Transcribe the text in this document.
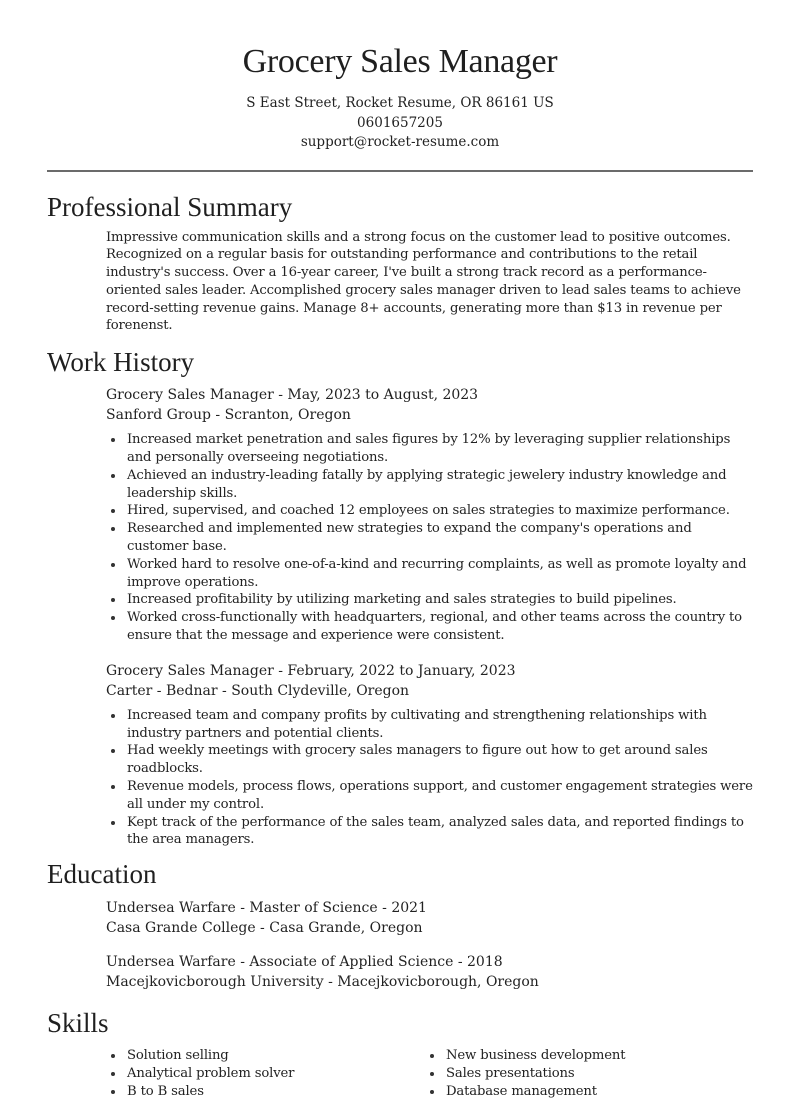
Grocery Sales Manager
S East Street, Rocket Resume, OR 86161 US
0601657205
support@rocket-resume.com
Professional Summary
Impressive communication skills and a strong focus on the customer lead to positive outcomes. Recognized on a regular basis for outstanding performance and contributions to the retail industry's success. Over a 16-year career, I've built a strong track record as a performance-oriented sales leader. Accomplished grocery sales manager driven to lead sales teams to achieve record-setting revenue gains. Manage 8+ accounts, generating more than $13 in revenue per forenenst.
Work History
Grocery Sales Manager - May, 2023 to August, 2023
Sanford Group - Scranton, Oregon
Increased market penetration and sales figures by 12% by leveraging supplier relationships and personally overseeing negotiations.
Achieved an industry-leading fatally by applying strategic jewelery industry knowledge and leadership skills.
Hired, supervised, and coached 12 employees on sales strategies to maximize performance.
Researched and implemented new strategies to expand the company's operations and customer base.
Worked hard to resolve one-of-a-kind and recurring complaints, as well as promote loyalty and improve operations.
Increased profitability by utilizing marketing and sales strategies to build pipelines.
Worked cross-functionally with headquarters, regional, and other teams across the country to ensure that the message and experience were consistent.
Grocery Sales Manager - February, 2022 to January, 2023
Carter - Bednar - South Clydeville, Oregon
Increased team and company profits by cultivating and strengthening relationships with industry partners and potential clients.
Had weekly meetings with grocery sales managers to figure out how to get around sales roadblocks.
Revenue models, process flows, operations support, and customer engagement strategies were all under my control.
Kept track of the performance of the sales team, analyzed sales data, and reported findings to the area managers.
Education
Undersea Warfare - Master of Science - 2021
Casa Grande College - Casa Grande, Oregon
Undersea Warfare - Associate of Applied Science - 2018
Macejkovicborough University - Macejkovicborough, Oregon
Skills
Solution selling
Analytical problem solver
B to B sales
New business development
Sales presentations
Database management
